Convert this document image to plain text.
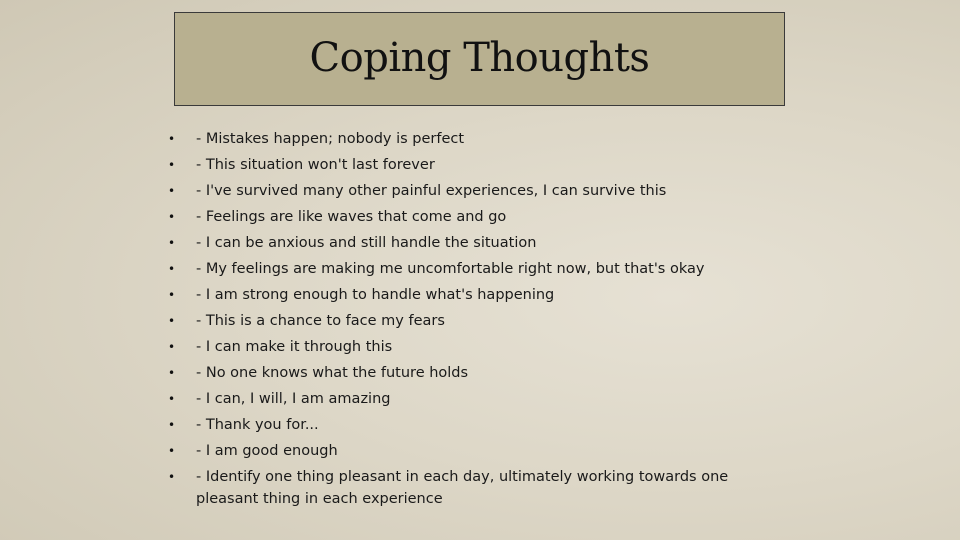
Coping Thoughts
•	- Mistakes happen; nobody is perfect
•	- This situation won't last forever
•	- I've survived many other painful experiences, I can survive this
•	- Feelings are like waves that come and go
•	- I can be anxious and still handle the situation
•	- My feelings are making me uncomfortable right now, but that's okay
•	- I am strong enough to handle what's happening
•	- This is a chance to face my fears
•	- I can make it through this
•	- No one knows what the future holds
•	- I can, I will, I am amazing
•	- Thank you for...
•	- I am good enough
•	- Identify one thing pleasant in each day, ultimately working towards one pleasant thing in each experience
